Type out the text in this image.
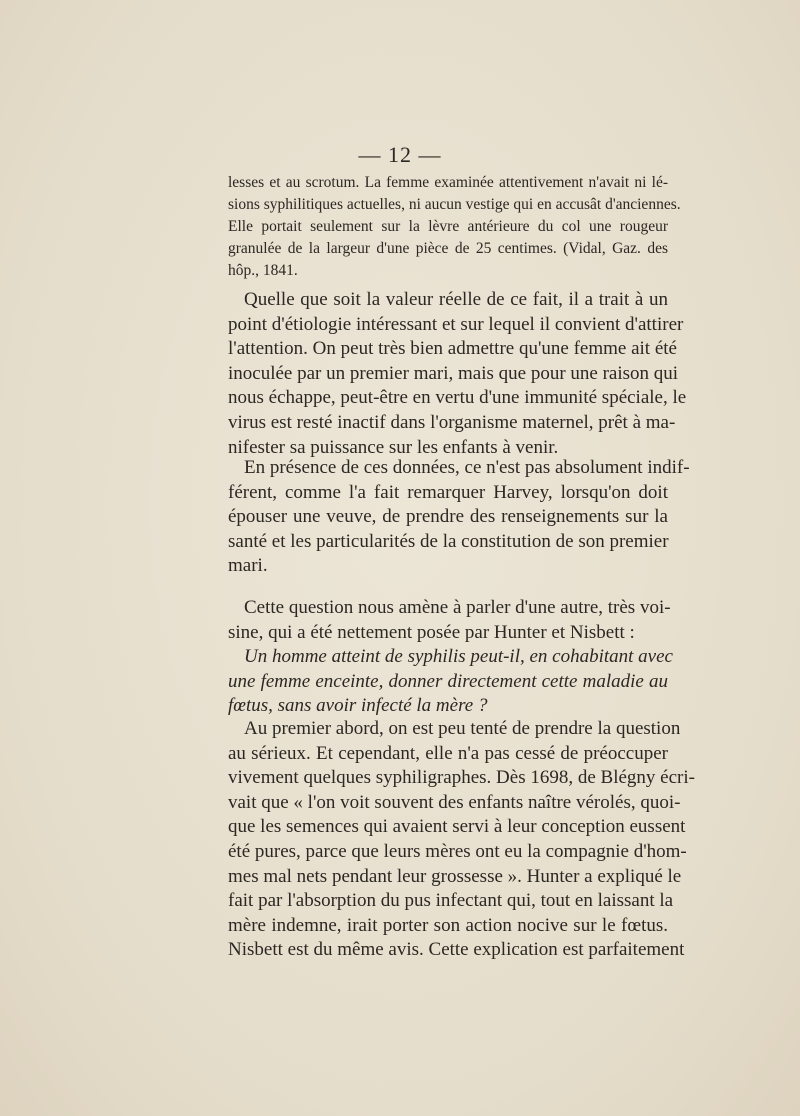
— 12 —
lesses et au scrotum. La femme examinée attentivement n'avait ni lé-
sions syphilitiques actuelles, ni aucun vestige qui en accusât d'anciennes.
Elle portait seulement sur la lèvre antérieure du col une rougeur
granulée de la largeur d'une pièce de 25 centimes. (Vidal, Gaz. des
hôp., 1841.
Quelle que soit la valeur réelle de ce fait, il a trait à un
point d'étiologie intéressant et sur lequel il convient d'attirer
l'attention. On peut très bien admettre qu'une femme ait été
inoculée par un premier mari, mais que pour une raison qui
nous échappe, peut-être en vertu d'une immunité spéciale, le
virus est resté inactif dans l'organisme maternel, prêt à ma-
nifester sa puissance sur les enfants à venir.
En présence de ces données, ce n'est pas absolument indif-
férent, comme l'a fait remarquer Harvey, lorsqu'on doit
épouser une veuve, de prendre des renseignements sur la
santé et les particularités de la constitution de son premier
mari.
Cette question nous amène à parler d'une autre, très voi-
sine, qui a été nettement posée par Hunter et Nisbett :
Un homme atteint de syphilis peut-il, en cohabitant avec
une femme enceinte, donner directement cette maladie au
fœtus, sans avoir infecté la mère ?
Au premier abord, on est peu tenté de prendre la question
au sérieux. Et cependant, elle n'a pas cessé de préoccuper
vivement quelques syphiligraphes. Dès 1698, de Blégny écri-
vait que « l'on voit souvent des enfants naître vérolés, quoi-
que les semences qui avaient servi à leur conception eussent
été pures, parce que leurs mères ont eu la compagnie d'hom-
mes mal nets pendant leur grossesse ». Hunter a expliqué le
fait par l'absorption du pus infectant qui, tout en laissant la
mère indemne, irait porter son action nocive sur le fœtus.
Nisbett est du même avis. Cette explication est parfaitement
